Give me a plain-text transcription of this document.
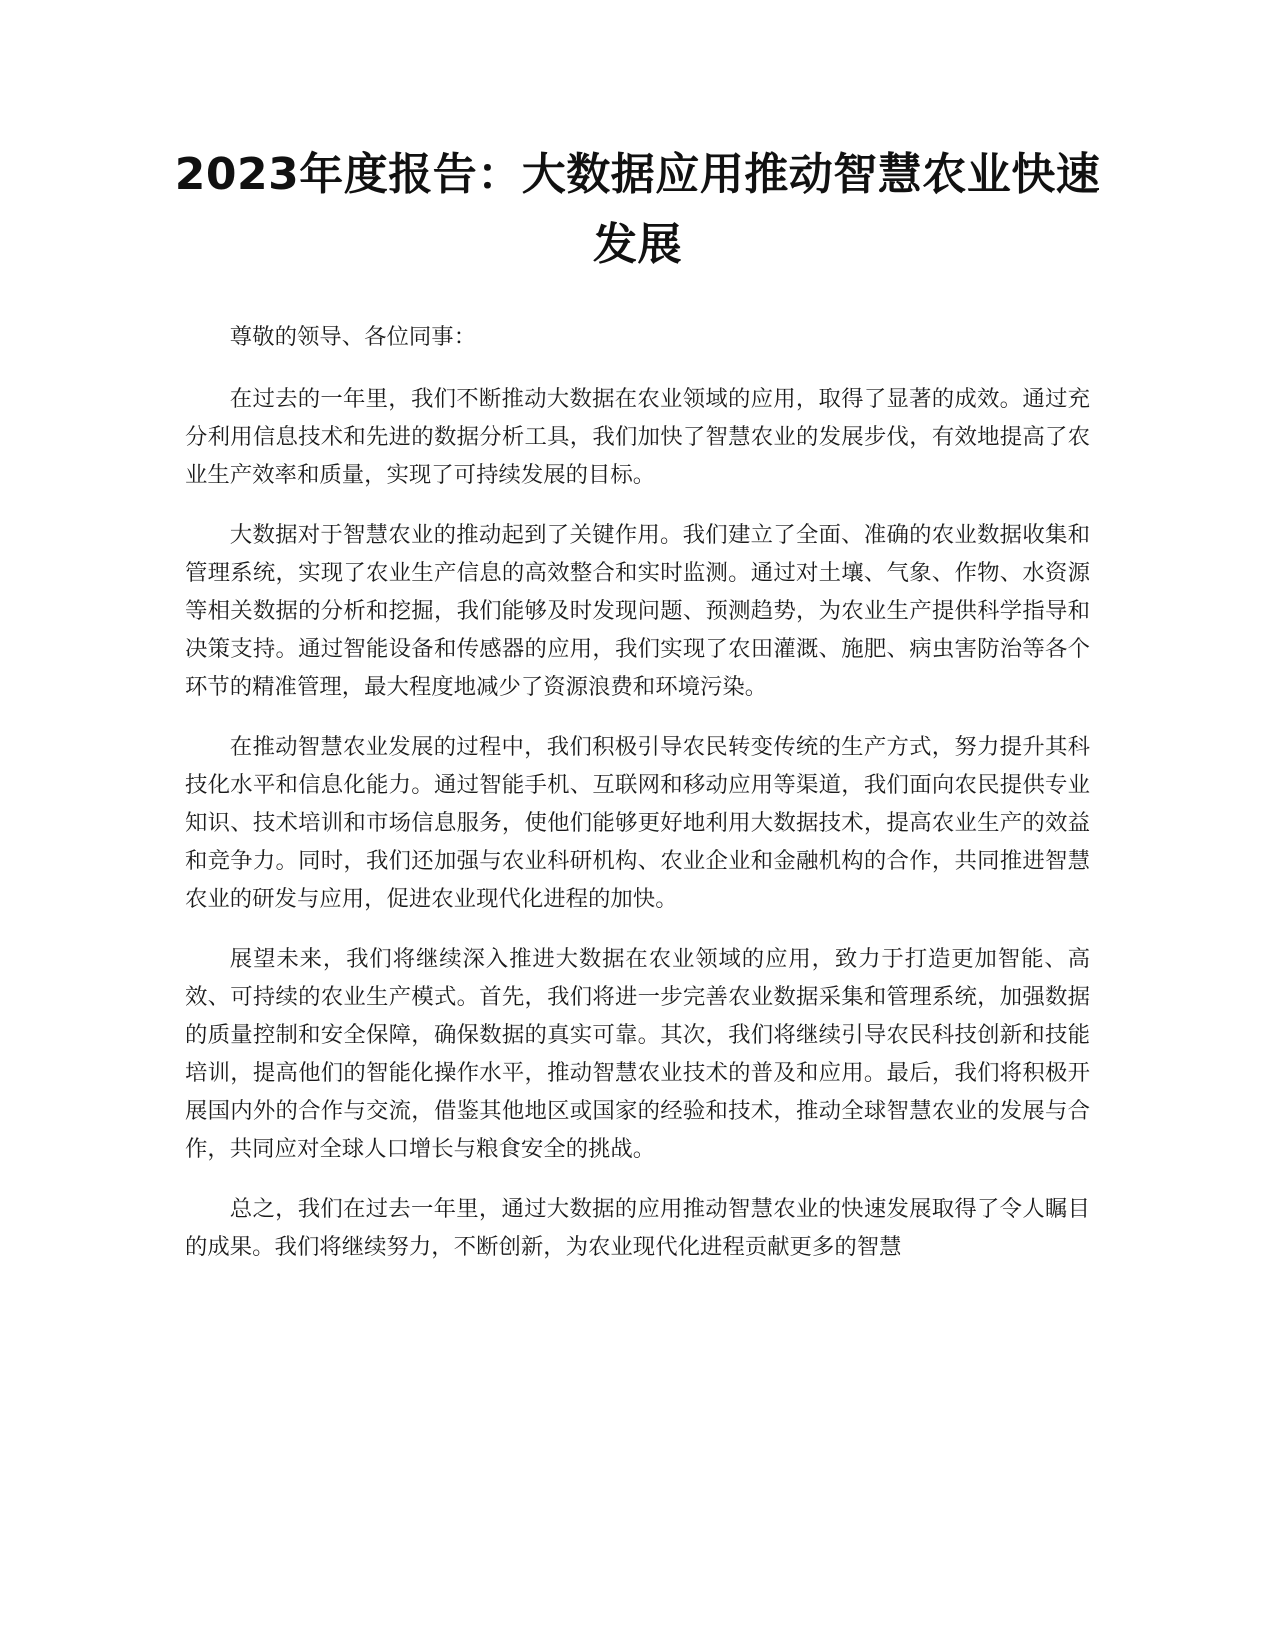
2023年度报告：大数据应用推动智慧农业快速发展

尊敬的领导、各位同事：

在过去的一年里，我们不断推动大数据在农业领域的应用，取得了显著的成效。通过充分利用信息技术和先进的数据分析工具，我们加快了智慧农业的发展步伐，有效地提高了农业生产效率和质量，实现了可持续发展的目标。

大数据对于智慧农业的推动起到了关键作用。我们建立了全面、准确的农业数据收集和管理系统，实现了农业生产信息的高效整合和实时监测。通过对土壤、气象、作物、水资源等相关数据的分析和挖掘，我们能够及时发现问题、预测趋势，为农业生产提供科学指导和决策支持。通过智能设备和传感器的应用，我们实现了农田灌溉、施肥、病虫害防治等各个环节的精准管理，最大程度地减少了资源浪费和环境污染。

在推动智慧农业发展的过程中，我们积极引导农民转变传统的生产方式，努力提升其科技化水平和信息化能力。通过智能手机、互联网和移动应用等渠道，我们面向农民提供专业知识、技术培训和市场信息服务，使他们能够更好地利用大数据技术，提高农业生产的效益和竞争力。同时，我们还加强与农业科研机构、农业企业和金融机构的合作，共同推进智慧农业的研发与应用，促进农业现代化进程的加快。

展望未来，我们将继续深入推进大数据在农业领域的应用，致力于打造更加智能、高效、可持续的农业生产模式。首先，我们将进一步完善农业数据采集和管理系统，加强数据的质量控制和安全保障，确保数据的真实可靠。其次，我们将继续引导农民科技创新和技能培训，提高他们的智能化操作水平，推动智慧农业技术的普及和应用。最后，我们将积极开展国内外的合作与交流，借鉴其他地区或国家的经验和技术，推动全球智慧农业的发展与合作，共同应对全球人口增长与粮食安全的挑战。

总之，我们在过去一年里，通过大数据的应用推动智慧农业的快速发展取得了令人瞩目的成果。我们将继续努力，不断创新，为农业现代化进程贡献更多的智慧
